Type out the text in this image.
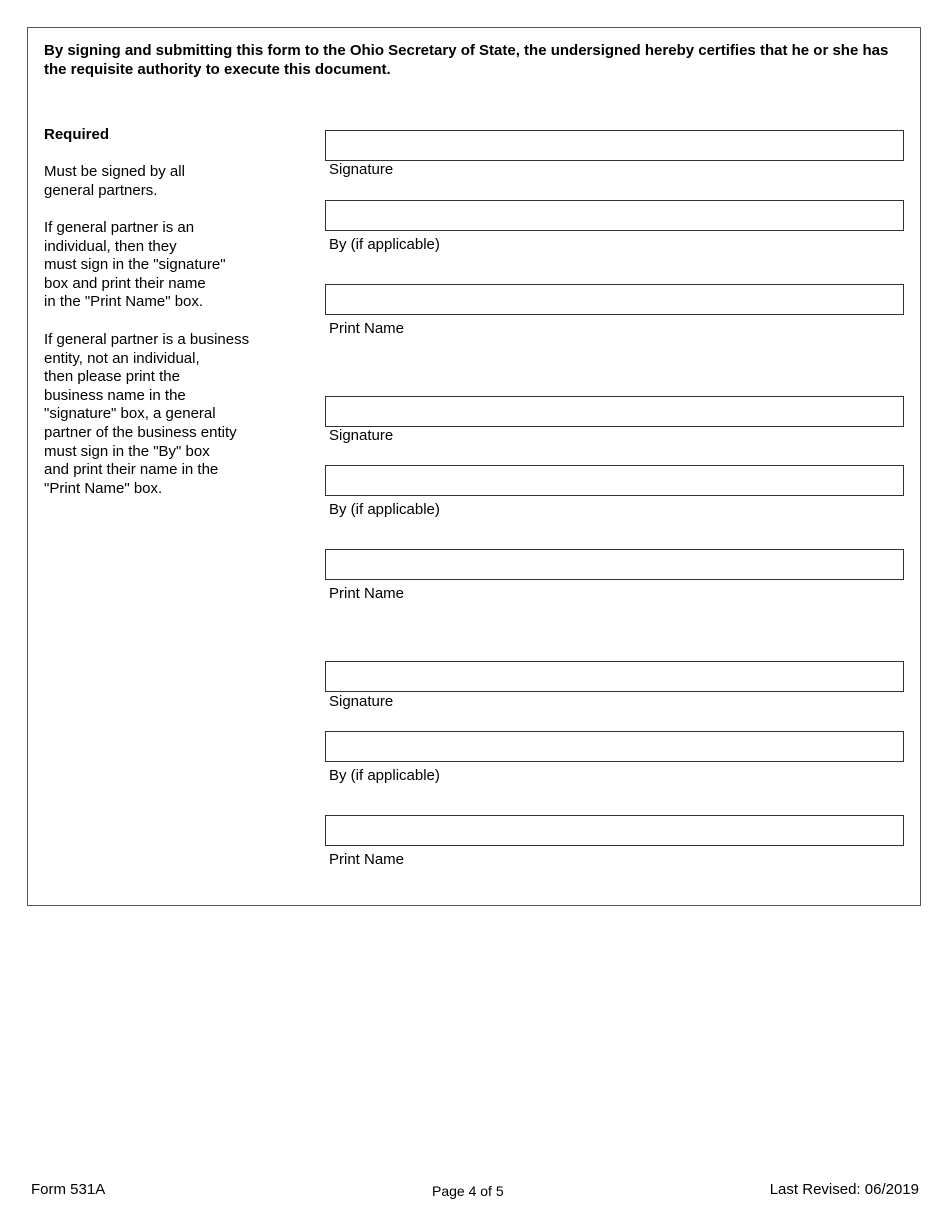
By signing and submitting this form to the Ohio Secretary of State, the undersigned hereby certifies that he or she has the requisite authority to execute this document.

Required

Must be signed by all
general partners.

If general partner is an
individual, then they
must sign in the "signature"
box and print their name
in the "Print Name" box.

If general partner is a business
entity, not an individual,
then please print the
business name in the
"signature" box, a general
partner of the business entity
must sign in the "By" box
and print their name in the
"Print Name" box.

Signature

By (if applicable)

Print Name

Signature

By (if applicable)

Print Name

Signature

By (if applicable)

Print Name

Form 531A	Page 4 of 5	Last Revised: 06/2019
